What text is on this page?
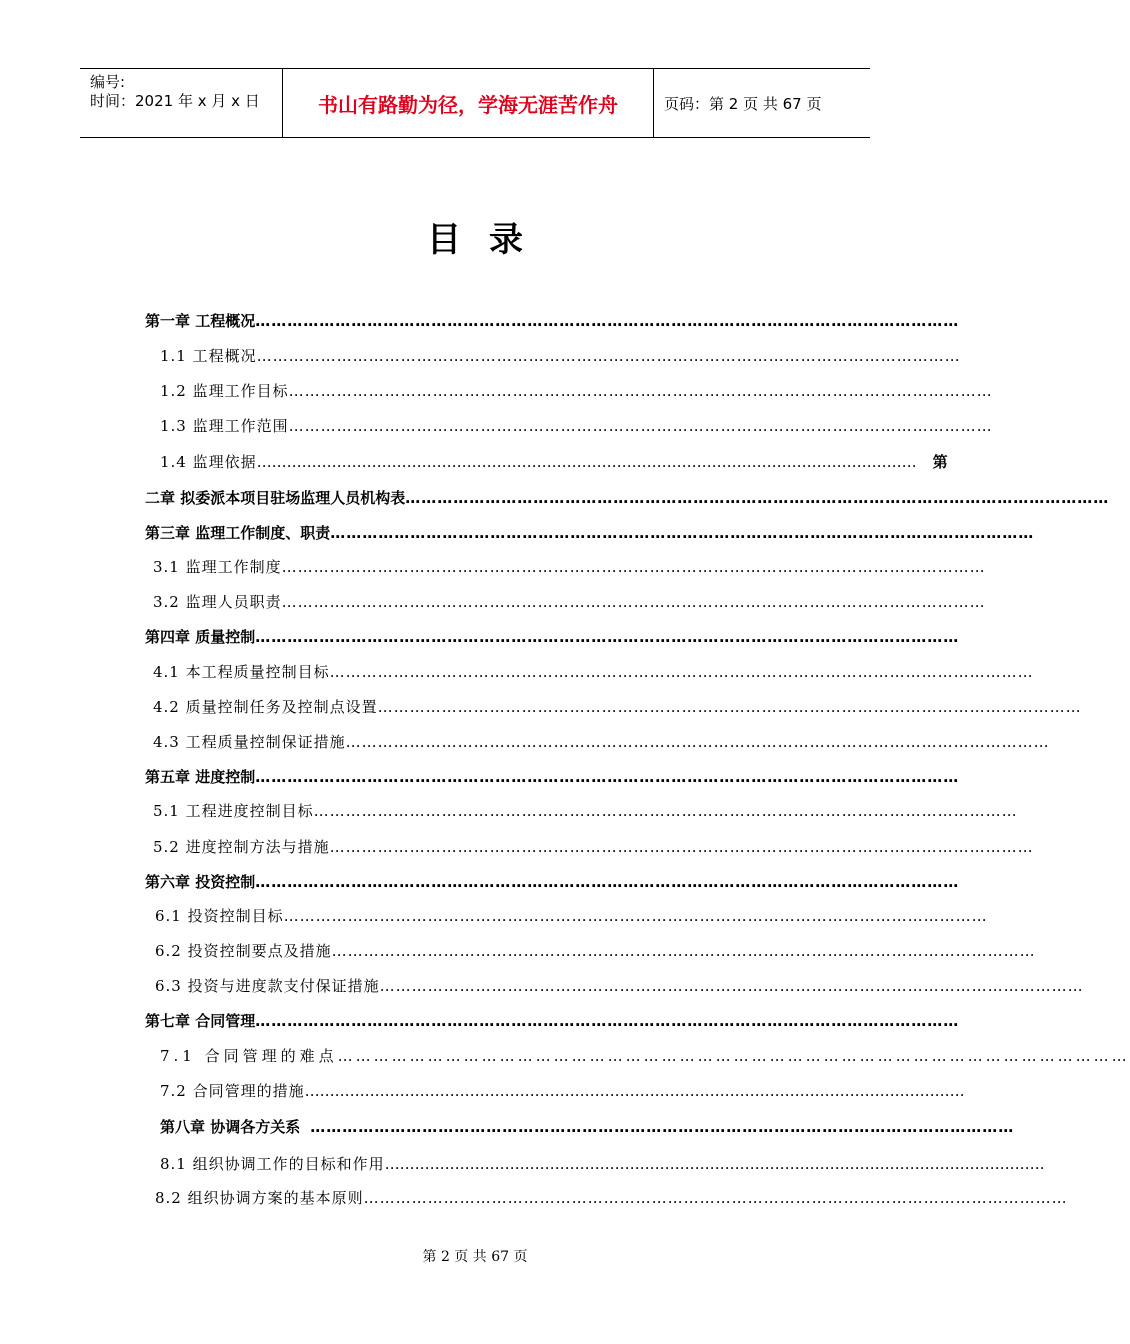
编号:
时间：2021 年 x 月 x 日	书山有路勤为径，学海无涯苦作舟	页码：第 2 页 共 67 页
目录
第一章 工程概况 ……………………………………………………………………………………………………………………
1.1 工程概况 ……………………………………………………………………………………………………………………
1.2 监理工作目标 ……………………………………………………………………………………………………………………
1.3 监理工作范围 ……………………………………………………………………………………………………………………
1.4 监理依据 ……………………………………………………………………………………………………………………	第
二章 拟委派本项目驻场监理人员机构表 ……………………………………………………………………………………………………………………
第三章 监理工作制度、职责 ……………………………………………………………………………………………………………………
3.1 监理工作制度 ……………………………………………………………………………………………………………………
3.2 监理人员职责 ……………………………………………………………………………………………………………………
第四章 质量控制 ……………………………………………………………………………………………………………………
4.1 本工程质量控制目标 ……………………………………………………………………………………………………………………
4.2 质量控制任务及控制点设置 ……………………………………………………………………………………………………………………
4.3 工程质量控制保证措施 ……………………………………………………………………………………………………………………
第五章 进度控制 ……………………………………………………………………………………………………………………
5.1 工程进度控制目标 ……………………………………………………………………………………………………………………
5.2 进度控制方法与措施 ……………………………………………………………………………………………………………………
第六章 投资控制 ……………………………………………………………………………………………………………………
6.1 投资控制目标 ……………………………………………………………………………………………………………………
6.2 投资控制要点及措施 ……………………………………………………………………………………………………………………
6.3 投资与进度款支付保证措施 ……………………………………………………………………………………………………………………
第七章 合同管理 ……………………………………………………………………………………………………………………
7.1 合同管理的难点 ……………………………………………………………………………………………………………………
7.2 合同管理的措施 ……………………………………………………………………………………………………………………
第八章 协调各方关系 ……………………………………………………………………………………………………………………
8.1 组织协调工作的目标和作用 ……………………………………………………………………………………………………………………
8.2 组织协调方案的基本原则 ……………………………………………………………………………………………………………………
第 2 页 共 67 页
